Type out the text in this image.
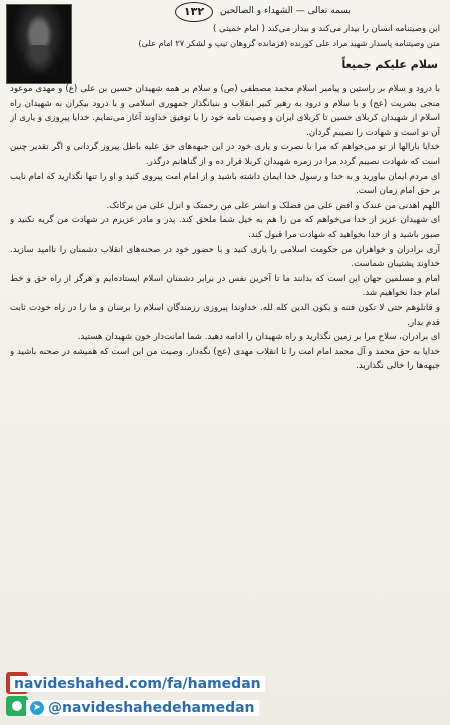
۱۳۲	بسمه تعالی — الشهداء و الصالحین
این وصیتنامه انسان را بیدار می‌کند و بیدار می‌کند ( امام خمینی )
متن وصیتنامه پاسدار شهید مراد علی کورنده (فرمانده گروهان تیپ و لشکر ۲۷ امام علی)
سلام علیکم جمیعاً

با درود و سلام بر راستین و پیامبر اسلام محمد مصطفی (ص) و سلام بر همه شهیدان حسین بن علی (ع) و مهدی موعود منجی بشریت (عج) و با سلام و درود به رهبر کبیر انقلاب و بنیانگذار جمهوری اسلامی و با درود بیکران به شهیدان راه اسلام از شهیدان کربلای حسین تا کربلای ایران و وصیت نامه خود را با توفیق خداوند آغاز می‌نمایم. خدایا پیروزی و یاری از آن تو است و شهادت را نصیبم گردان.

خدایا بارالها از تو می‌خواهم که مرا با نصرت و یاری خود در این جبهه‌های حق علیه باطل پیروز گردانی و اگر تقدیر چنین است که شهادت نصیبم گردد مرا در زمره شهیدان کربلا قرار ده و از گناهانم درگذر.

ای مردم ایمان بیاورید و به خدا و رسول خدا ایمان داشته باشید و از امام امت پیروی کنید و او را تنها نگذارید که امام نایب بر حق امام زمان است.

اللهم اهدنی من عندک و افض علی من فضلک و انشر علی من رحمتک و انزل علی من برکاتک.

ای شهیدان عزیز از خدا می‌خواهم که من را هم به خیل شما ملحق کند. پدر و مادر عزیزم در شهادت من گریه نکنید و صبور باشید و از خدا بخواهید که شهادت مرا قبول کند.

آری برادران و خواهران من حکومت اسلامی را یاری کنید و با حضور خود در صحنه‌های انقلاب دشمنان را ناامید سازید. خداوند پشتیبان شماست.

امام و مسلمین جهان این است که بدانند ما تا آخرین نفس در برابر دشمنان اسلام ایستاده‌ایم و هرگز از راه حق و خط امام جدا نخواهیم شد.

و قاتلوهم حتی لا تکون فتنه و یکون الدین کله لله. خداوندا پیروزی رزمندگان اسلام را برسان و ما را در راه خودت ثابت قدم بدار.

ای برادران، سلاح مرا بر زمین نگذارید و راه شهیدان را ادامه دهید. شما امانت‌دار خون شهیدان هستید.

خدایا به حق محمد و آل محمد امام امت را تا انقلاب مهدی (عج) نگه‌دار. وصیت من این است که همیشه در صحنه باشید و جبهه‌ها را خالی نگذارید.

navideshahed.com/fa/hamedan
➤ @navideshahedehamedan
